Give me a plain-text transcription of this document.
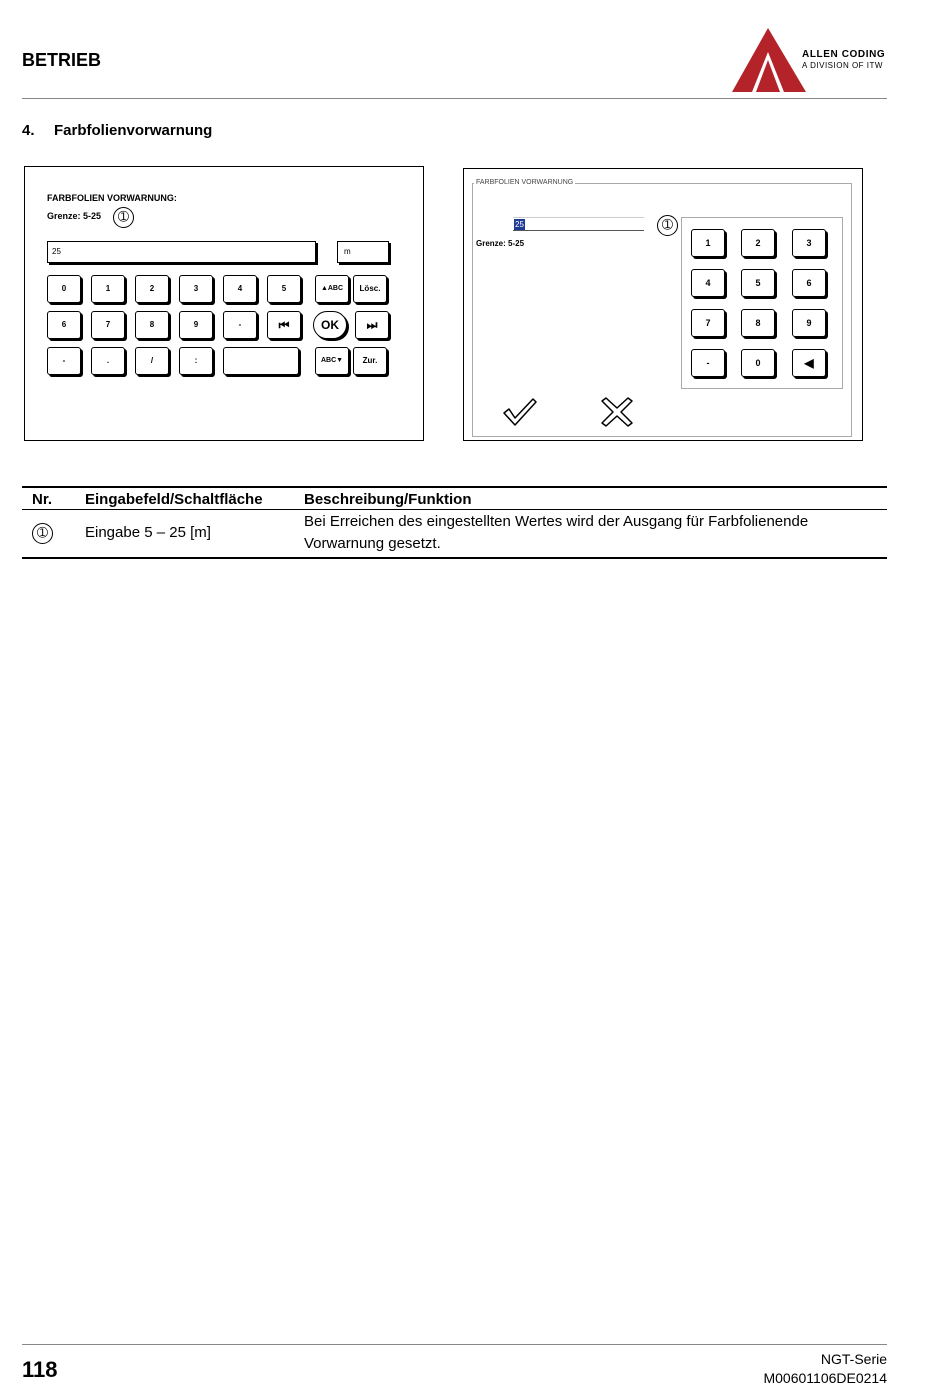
BETRIEB	ALLEN CODING
A DIVISION OF ITW
4. Farbfolienvorwarnung
FARBFOLIEN VORWARNUNG:
Grenze: 5-25	➀
25	m
0	1	2	3	4	5	▲ABC	Lösc.
6	7	8	9	-	⏮	OK	⏭
-	.	/	:	ABC▼	Zur.
FARBFOLIEN VORWARNUNG
25
Grenze: 5-25
➀
1	2	3
4	5	6
7	8	9
-	0	◀
Nr.	Eingabefeld/Schaltfläche	Beschreibung/Funktion
➀	Eingabe 5 – 25 [m]	Bei Erreichen des eingestellten Wertes wird der Ausgang für Farbfolienende Vorwarnung gesetzt.
118	NGT-Serie
M00601106DE0214
